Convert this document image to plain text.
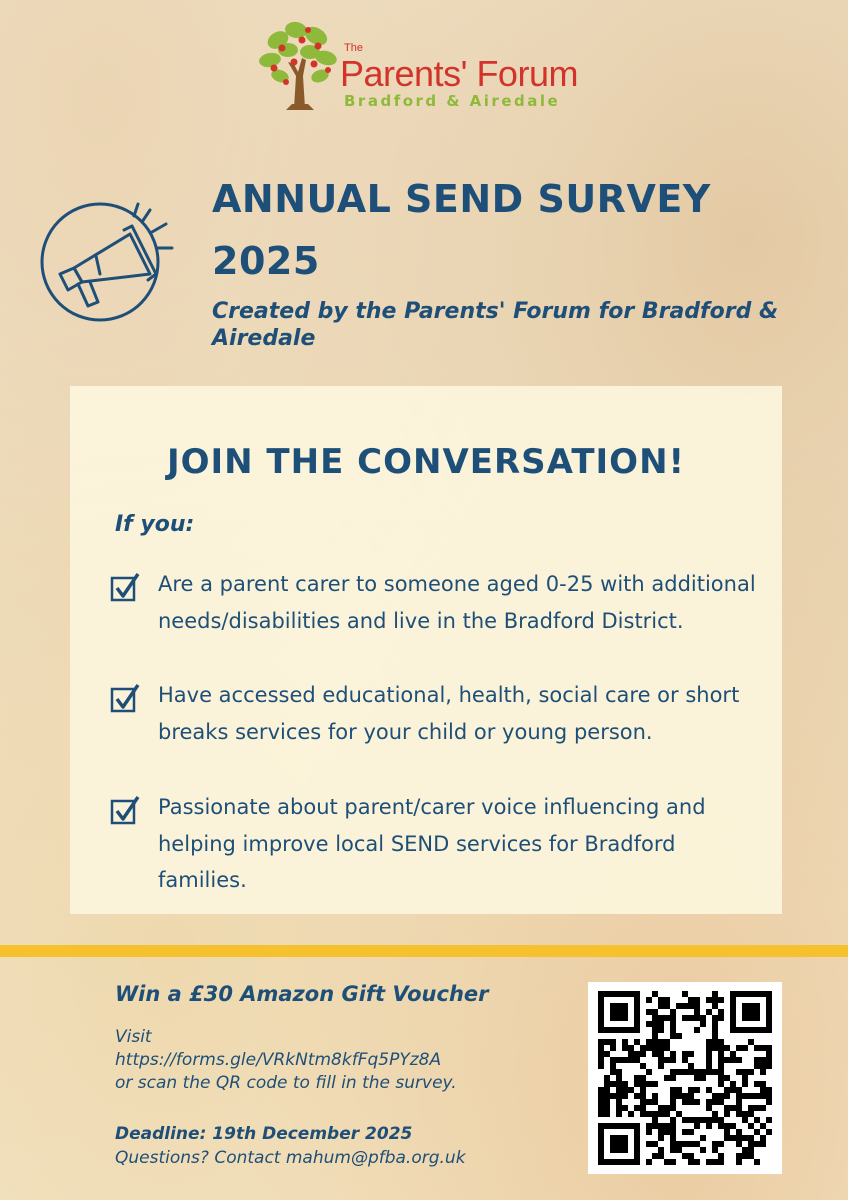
The
Parents' Forum
Bradford & Airedale
ANNUAL SEND SURVEY 2025
Created by the Parents' Forum for Bradford & Airedale
JOIN THE CONVERSATION!
If you:
Are a parent carer to someone aged 0-25 with additional needs/disabilities and live in the Bradford District.
Have accessed educational, health, social care or short breaks services for your child or young person.
Passionate about parent/carer voice influencing and helping improve local SEND services for Bradford families.
Win a £30 Amazon Gift Voucher
Visit
https://forms.gle/VRkNtm8kfFq5PYz8A
or scan the QR code to fill in the survey.
Deadline: 19th December 2025
Questions? Contact mahum@pfba.org.uk
